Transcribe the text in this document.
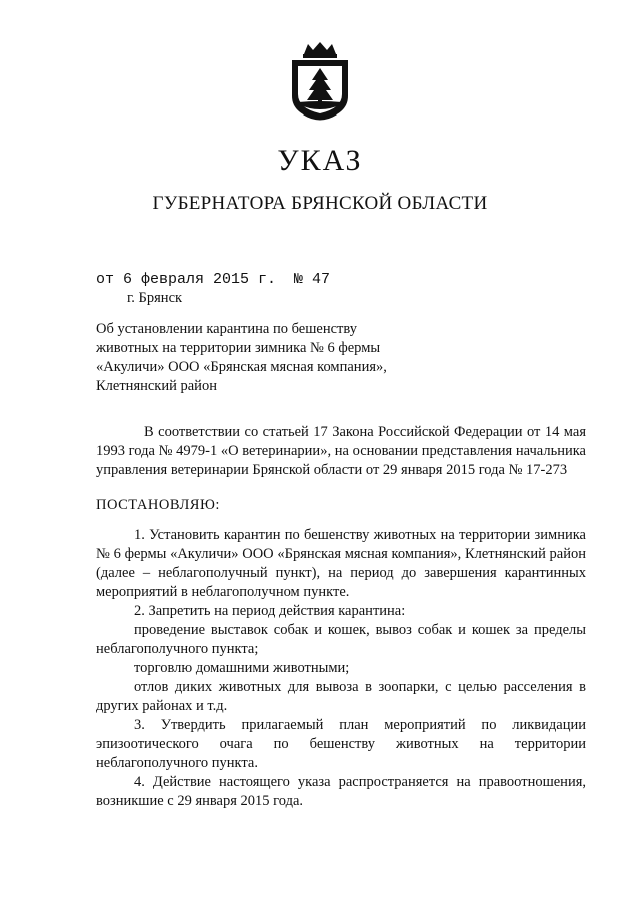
УКАЗ
ГУБЕРНАТОРА БРЯНСКОЙ ОБЛАСТИ
от 6 февраля 2015 г. № 47
г. Брянск
Об установлении карантина по бешенству животных на территории зимника № 6 фермы «Акуличи» ООО «Брянская мясная компания», Клетнянский район
В соответствии со статьей 17 Закона Российской Федерации от 14 мая 1993 года № 4979-1 «О ветеринарии», на основании представления начальника управления ветеринарии Брянской области от 29 января 2015 года № 17-273
ПОСТАНОВЛЯЮ:

1. Установить карантин по бешенству животных на территории зимника № 6 фермы «Акуличи» ООО «Брянская мясная компания», Клетнянский район (далее – неблагополучный пункт), на период до завершения карантинных мероприятий в неблагополучном пункте.

2. Запретить на период действия карантина:

проведение выставок собак и кошек, вывоз собак и кошек за пределы неблагополучного пункта;

торговлю домашними животными;

отлов диких животных для вывоза в зоопарки, с целью расселения в других районах и т.д.

3. Утвердить прилагаемый план мероприятий по ликвидации эпизоотического очага по бешенству животных на территории неблагополучного пункта.

4. Действие настоящего указа распространяется на правоотношения, возникшие с 29 января 2015 года.
